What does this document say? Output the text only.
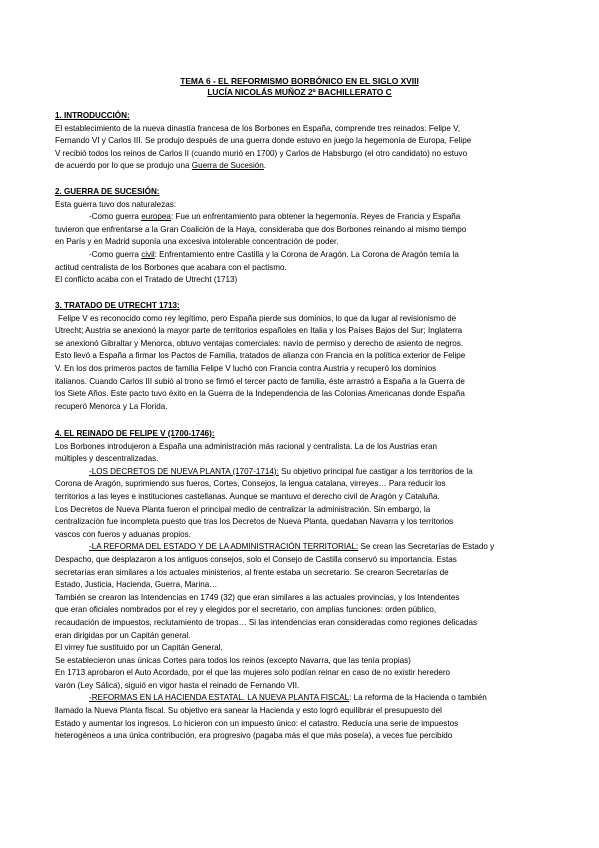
TEMA 6 - EL REFORMISMO BORBÓNICO EN EL SIGLO XVIII
LUCÍA NICOLÁS MUÑOZ 2º BACHILLERATO C
1. INTRODUCCIÓN:
El establecimiento de la nueva dinastía francesa de los Borbones en España, comprende tres reinados: Felipe V,
Fernando VI y Carlos III. Se produjo después de una guerra donde estuvo en juego la hegemonía de Europa, Felipe
V recibió todos los reinos de Carlos II (cuando murió en 1700) y Carlos de Habsburgo (el otro candidato) no estuvo
de acuerdo por lo que se produjo una Guerra de Sucesión.
2. GUERRA DE SUCESIÓN:
Esta guerra tuvo dos naturalezas:
-Como guerra europea: Fue un enfrentamiento para obtener la hegemonía. Reyes de Francia y España
tuvieron que enfrentarse a la Gran Coalición de la Haya, consideraba que dos Borbones reinando al mismo tiempo
en París y en Madrid suponía una excesiva intolerable concentración de poder.
-Como guerra civil: Enfrentamiento entre Castilla y la Corona de Aragón. La Corona de Aragón temía la
actitud centralista de los Borbones que acabara con el pactismo.
El conflicto acaba con el Tratado de Utrecht (1713)
3. TRATADO DE UTRECHT 1713:
Felipe V es reconocido como rey legítimo, pero España pierde sus dominios, lo que da lugar al revisionismo de
Utrecht; Austria se anexionó la mayor parte de territorios españoles en Italia y los Países Bajos del Sur; Inglaterra
se anexionó Gibraltar y Menorca, obtuvo ventajas comerciales: navío de permiso y derecho de asiento de negros.
Esto llevó a España a firmar los Pactos de Familia, tratados de alianza con Francia en la política exterior de Felipe
V. En los dos primeros pactos de familia Felipe V luchó con Francia contra Austria y recuperó los dominios
italianos. Cuando Carlos III subió al trono se firmó el tercer pacto de familia, éste arrastró a España a la Guerra de
los Siete Años. Este pacto tuvo éxito en la Guerra de la Independencia de las Colonias Americanas donde España
recuperó Menorca y La Florida.
4. EL REINADO DE FELIPE V (1700-1746):
Los Borbones introdujeron a España una administración más racional y centralista. La de los Austrias eran
múltiples y descentralizadas.
-LOS DECRETOS DE NUEVA PLANTA (1707-1714): Su objetivo principal fue castigar a los territorios de la
Corona de Aragón, suprimiendo sus fueros, Cortes, Consejos, la lengua catalana, virreyes… Para reducir los
territorios a las leyes e instituciones castellanas. Aunque se mantuvo el derecho civil de Aragón y Cataluña.
Los Decretos de Nueva Planta fueron el principal medio de centralizar la administración. Sin embargo, la
centralización fue incompleta puesto que tras los Decretos de Nueva Planta, quedaban Navarra y los territorios
vascos con fueros y aduanas propios.
-LA REFORMA DEL ESTADO Y DE LA ADMINISTRACIÓN TERRITORIAL: Se crean las Secretarías de Estado y
Despacho, que desplazaron a los antiguos consejos, solo el Consejo de Castilla conservó su importancia. Estas
secretarías eran similares a los actuales ministerios, al frente estaba un secretario. Se crearon Secretarías de
Estado, Justicia, Hacienda, Guerra, Marina…
También se crearon las Intendencias en 1749 (32) que eran similares a las actuales provincias, y los Intendentes
que eran oficiales nombrados por el rey y elegidos por el secretario, con amplias funciones: orden público,
recaudación de impuestos, reclutamiento de tropas… Si las intendencias eran consideradas como regiones delicadas
eran dirigidas por un Capitán general.
El virrey fue sustituido por un Capitán General.
Se establecieron unas únicas Cortes para todos los reinos (excepto Navarra, que las tenía propias)
En 1713 aprobaron el Auto Acordado, por el que las mujeres solo podían reinar en caso de no existir heredero
varón (Ley Sálica), siguió en vigor hasta el reinado de Fernando VII.
-REFORMAS EN LA HACIENDA ESTATAL. LA NUEVA PLANTA FISCAL: La reforma de la Hacienda o también
llamado la Nueva Planta fiscal. Su objetivo era sanear la Hacienda y esto logró equilibrar el presupuesto del
Estado y aumentar los ingresos. Lo hicieron con un impuesto único: el catastro. Reducía una serie de impuestos
heterogéneos a una única contribución, era progresivo (pagaba más el que más poseía), a veces fue percibido
